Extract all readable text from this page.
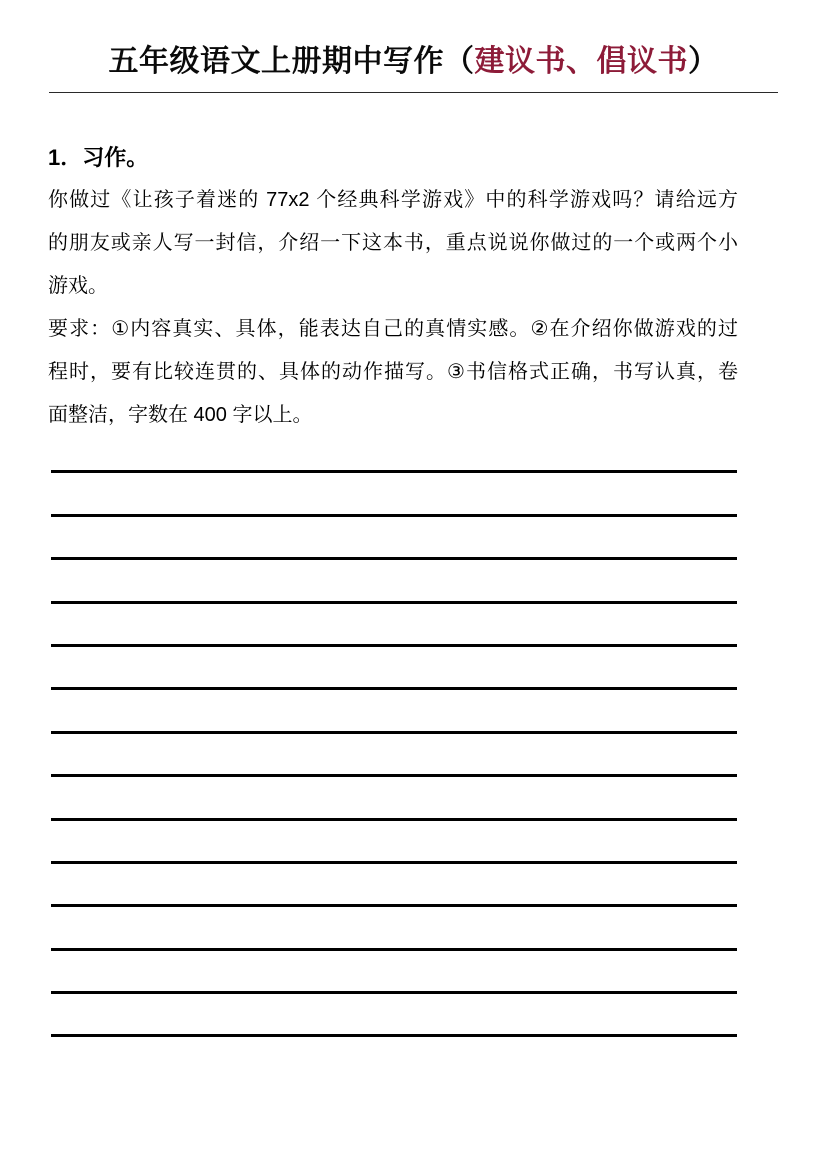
五年级语文上册期中写作（建议书、倡议书）
1．习作。
你做过《让孩子着迷的 77x2 个经典科学游戏》中的科学游戏吗？请给远方
的朋友或亲人写一封信，介绍一下这本书，重点说说你做过的一个或两个小
游戏。
要求：①内容真实、具体，能表达自己的真情实感。②在介绍你做游戏的过
程时，要有比较连贯的、具体的动作描写。③书信格式正确，书写认真，卷
面整洁，字数在 400 字以上。
